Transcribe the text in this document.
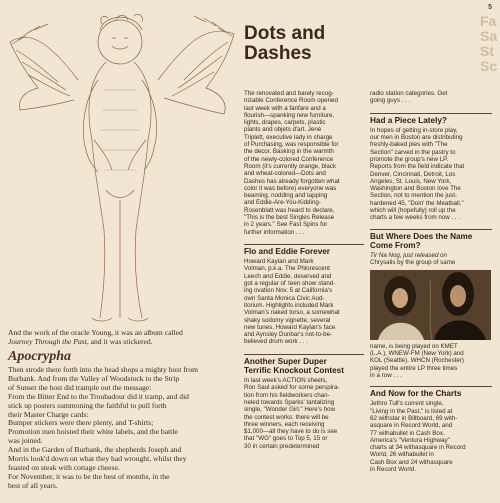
5
Fa
Sa
St
Sc
And the work of the oracle Young, it was an album called
Journey Through the Past, and it was stickered.
Apocrypha

Then strode there forth into the head shops a mighty host from

Burbank. And from the Valley of Woodstock to the Strip

of Sunset the host did trample out the message:

From the Bitter End to the Troubadour did it tramp, and did

stick up posters summoning the faithful to pull forth

their Master Charge cards:

Bumper stickers were there plenty, and T-shirts;

Promotion men hoisted their white labels, and the battle

was joined.

And in the Garden of Burbank, the shepherds Joseph and

Morris look'd down on what they had wrought, whilst they

feasted on steak with cottage cheese.

For November, it was to be the best of months, in the

best of all years.

Dots and
Dashes

The renovated and barely recog-

nizable Conference Room opened

last week with a fanfare and a

flourish—spanking new furniture,

lights, drapes, carpets, plastic

plants and objets d'art. Jené

Triplett, executive lady in charge

of Purchasing, was responsible for

the decor. Basking in the warmth

of the newly-colored Conference

Room (it's currently orange, black

and wheat-colored—Dots and

Dashes has already forgotten what

color it was before) everyone was

beaming, nodding and tapping

and Eddie-Are-You-Kidding-

Rosenblatt was heard to declare,

"This is the best Singles Release

in 2 years." See Fast Spins for

further information . . .

Flo and Eddie Forever

Howard Kaylan and Mark

Volman, p.k.a. The Phlorescent

Leech and Eddie, deserved and

got a regular ol' teen show stand-

ing ovation Nov. 5 at California's

own Santa Monica Civic Aud-

itorium. Highlights included Mark

Volman's naked torso, a somewhat

shaky sodomy vignette, several

new tunes, Howard Kaylan's face

and Aynsley Dunbar's not-to-be-

believed drum work . . .

Another Super Duper

Terrific Knockout Contest

In last week's ACTION sheets,

Ron Saul asked for some perspira-

tion from his fieldworkers chan-

neled towards Sparks' tantalizing

single, "Wonder Girl." Here's how

the contest works: there will be

three winners, each receiving

$1,000—all they have to do is see

that "WG" goes to Top 5, 15 or

30 in certain predetermined

radio station categories. Get

going guys . . .

Had a Piece Lately?

In hopes of getting in-store play,

our men in Boston are distributing

freshly-baked pies with "The

Section" carved in the pastry to

promote the group's new LP.

Reports from the field indicate that

Denver, Cincinnati, Detroit, Los

Angeles, St. Louis, New York,

Washington and Boston love The

Section, not to mention the just-

hardened 45, "Doin' the Meatball,"

which will (hopefully) roll up the

charts a few weeks from now . . .

But Where Does the Name

Come From?

Tir Na Nog, just released on

Chrysalis by the group of same

name, is being played on KMET

(L.A.), WNEW-FM (New York) and

KOL (Seattle). WHCN (Rochester)

played the entire LP three times

in a row . . .

And Now for the Charts

Jethro Tull's current single,

"Living in the Past," is listed at

62 withstar in Billboard, 69 with-

asquare in Record World, and

77 withabullet in Cash Box.

America's "Ventura Highway"

charts at 34 withasquare in Record

World, 26 withabullet in

Cash Box and 24 withasquare

in Record World.
